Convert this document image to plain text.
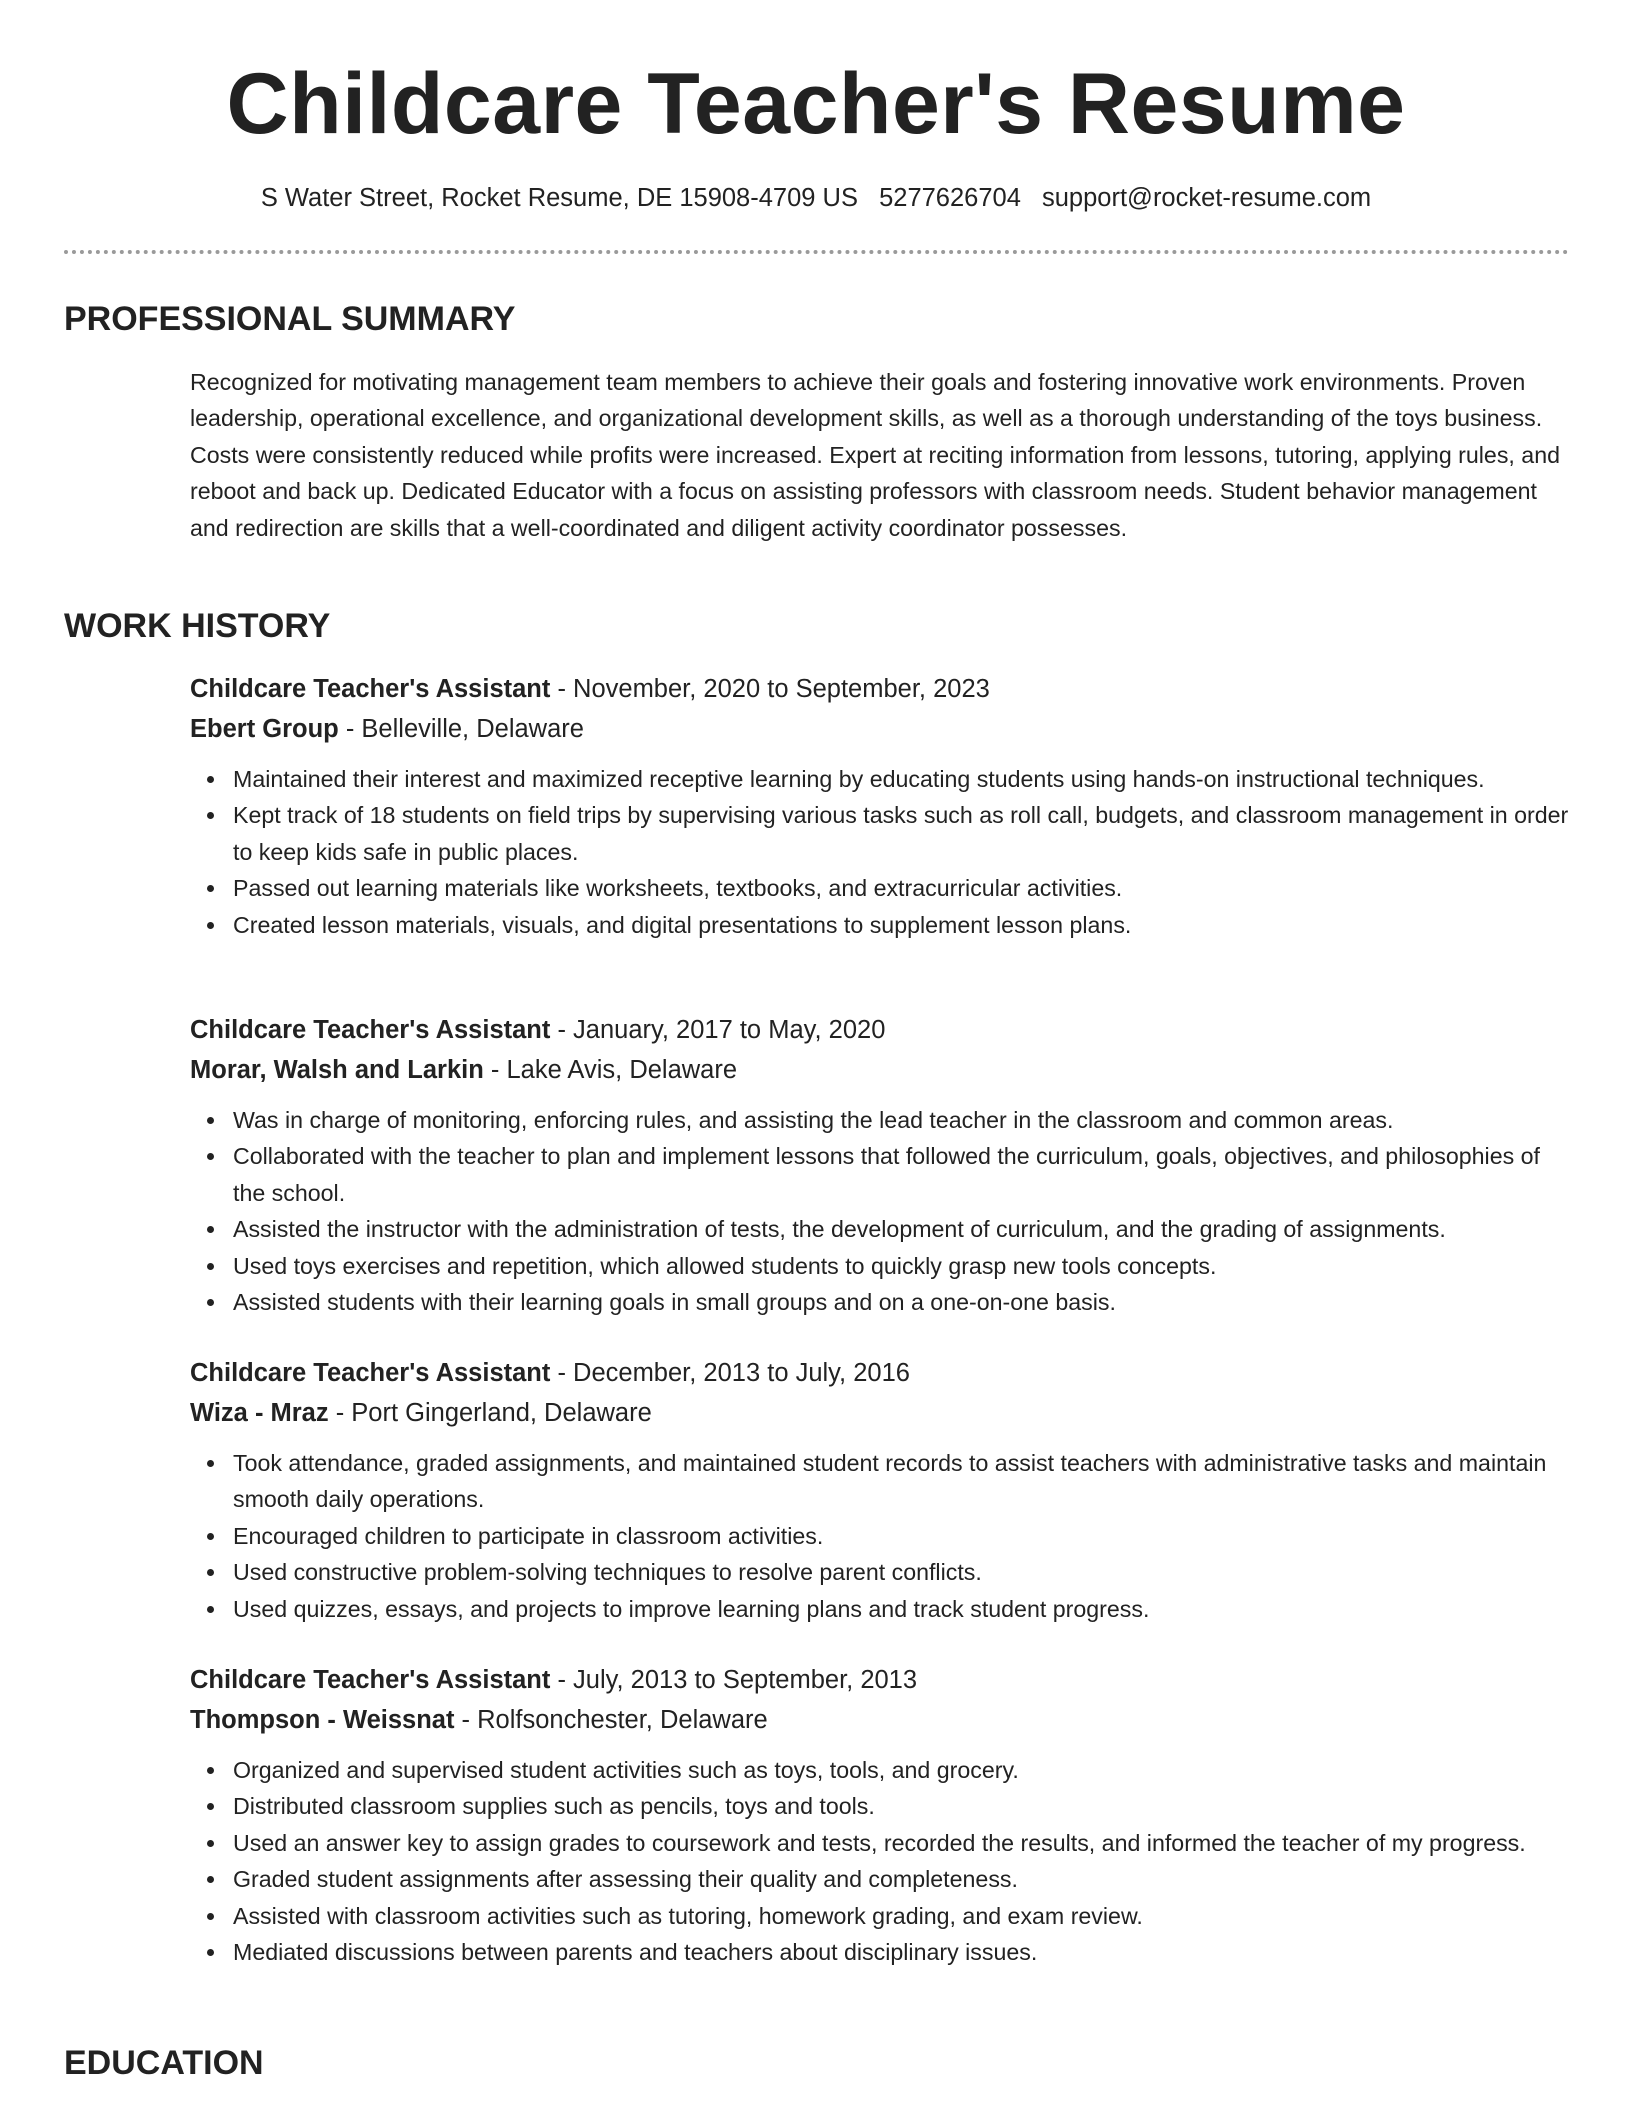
Childcare Teacher's Resume
S Water Street, Rocket Resume, DE 15908-4709 US 5277626704 support@rocket-resume.com
PROFESSIONAL SUMMARY

Recognized for motivating management team members to achieve their goals and fostering innovative work environments. Proven leadership, operational excellence, and organizational development skills, as well as a thorough understanding of the toys business. Costs were consistently reduced while profits were increased. Expert at reciting information from lessons, tutoring, applying rules, and reboot and back up. Dedicated Educator with a focus on assisting professors with classroom needs. Student behavior management and redirection are skills that a well-coordinated and diligent activity coordinator possesses.

WORK HISTORY
Childcare Teacher's Assistant - November, 2020 to September, 2023
Ebert Group - Belleville, Delaware
Maintained their interest and maximized receptive learning by educating students using hands-on instructional techniques.
Kept track of 18 students on field trips by supervising various tasks such as roll call, budgets, and classroom management in order to keep kids safe in public places.
Passed out learning materials like worksheets, textbooks, and extracurricular activities.
Created lesson materials, visuals, and digital presentations to supplement lesson plans.
Childcare Teacher's Assistant - January, 2017 to May, 2020
Morar, Walsh and Larkin - Lake Avis, Delaware
Was in charge of monitoring, enforcing rules, and assisting the lead teacher in the classroom and common areas.
Collaborated with the teacher to plan and implement lessons that followed the curriculum, goals, objectives, and philosophies of the school.
Assisted the instructor with the administration of tests, the development of curriculum, and the grading of assignments.
Used toys exercises and repetition, which allowed students to quickly grasp new tools concepts.
Assisted students with their learning goals in small groups and on a one-on-one basis.
Childcare Teacher's Assistant - December, 2013 to July, 2016
Wiza - Mraz - Port Gingerland, Delaware
Took attendance, graded assignments, and maintained student records to assist teachers with administrative tasks and maintain smooth daily operations.
Encouraged children to participate in classroom activities.
Used constructive problem-solving techniques to resolve parent conflicts.
Used quizzes, essays, and projects to improve learning plans and track student progress.
Childcare Teacher's Assistant - July, 2013 to September, 2013
Thompson - Weissnat - Rolfsonchester, Delaware
Organized and supervised student activities such as toys, tools, and grocery.
Distributed classroom supplies such as pencils, toys and tools.
Used an answer key to assign grades to coursework and tests, recorded the results, and informed the teacher of my progress.
Graded student assignments after assessing their quality and completeness.
Assisted with classroom activities such as tutoring, homework grading, and exam review.
Mediated discussions between parents and teachers about disciplinary issues.
EDUCATION
